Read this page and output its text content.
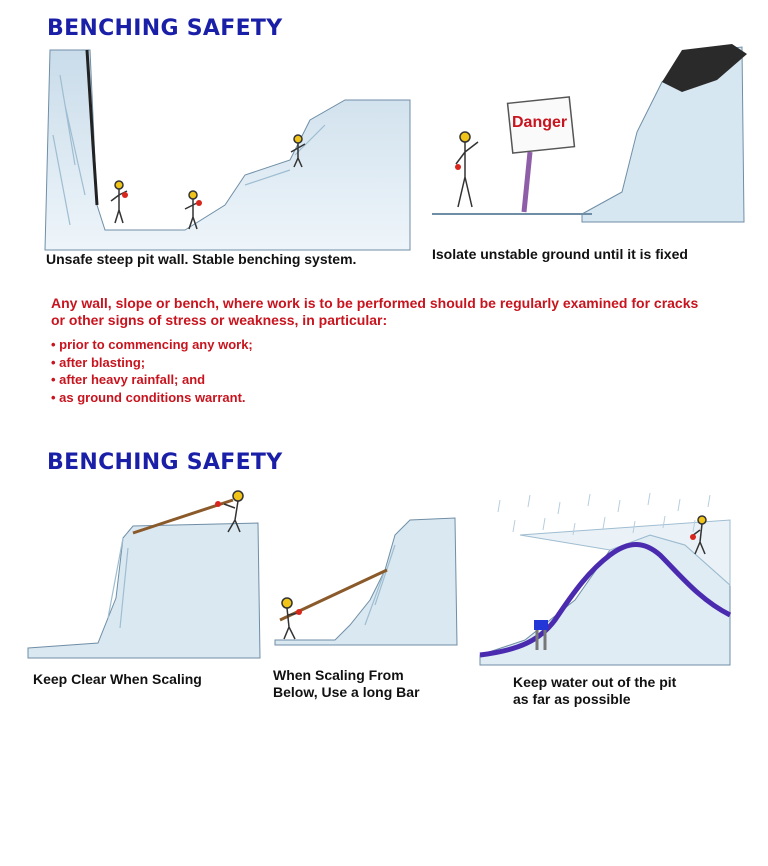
BENCHING SAFETY
Unsafe steep pit wall. Stable benching system.
Danger
Isolate unstable ground until it is fixed
Any wall, slope or bench, where work is to be performed should be regularly examined for cracks
or other signs of stress or weakness, in particular:
• prior to commencing any work;
• after blasting;
• after heavy rainfall; and
• as ground conditions warrant.
BENCHING SAFETY
Keep Clear When Scaling	When Scaling From
Below, Use a long Bar
Keep water out of the pit
as far as possible
